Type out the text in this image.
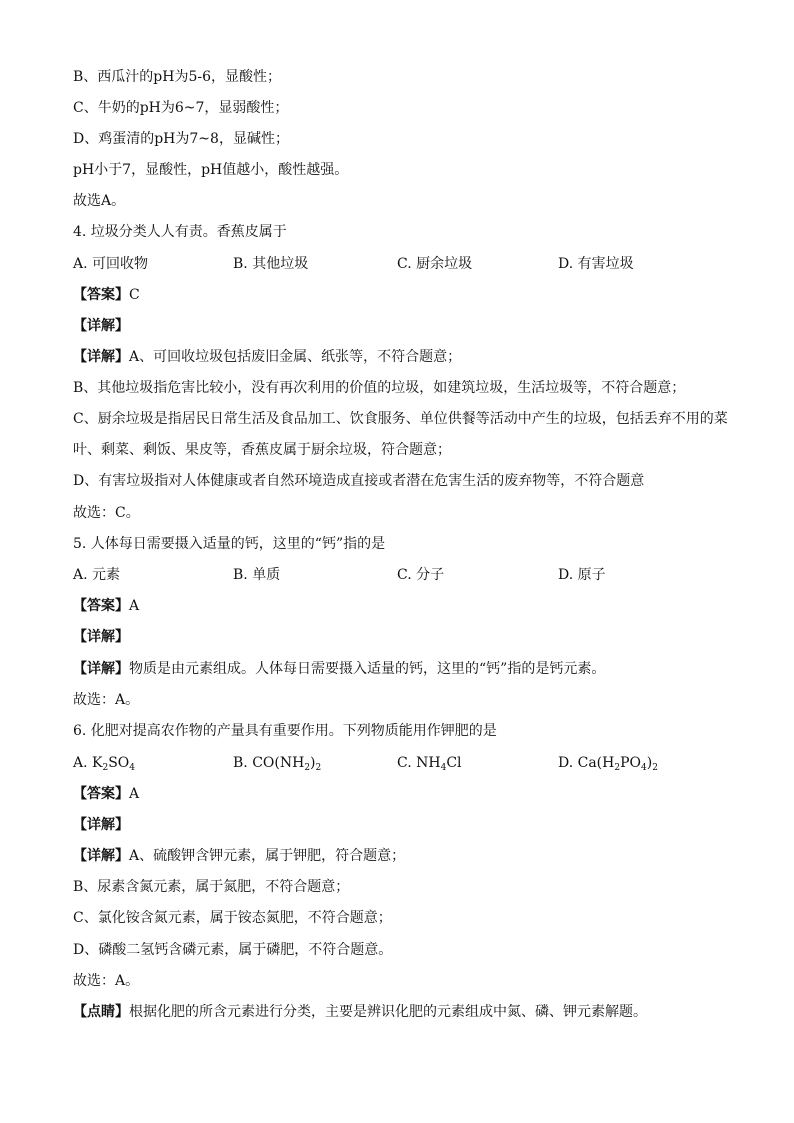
B、西瓜汁的pH为5-6，显酸性；
C、牛奶的pH为6~7，显弱酸性；
D、鸡蛋清的pH为7~8，显碱性；
pH小于7，显酸性，pH值越小，酸性越强。
故选A。
4. 垃圾分类人人有责。香蕉皮属于
A. 可回收物	B. 其他垃圾	C. 厨余垃圾	D. 有害垃圾
【答案】C
【详解】
【详解】A、可回收垃圾包括废旧金属、纸张等，不符合题意；
B、其他垃圾指危害比较小，没有再次利用的价值的垃圾，如建筑垃圾，生活垃圾等，不符合题意；
C、厨余垃圾是指居民日常生活及食品加工、饮食服务、单位供餐等活动中产生的垃圾，包括丢弃不用的菜
叶、剩菜、剩饭、果皮等，香蕉皮属于厨余垃圾，符合题意；
D、有害垃圾指对人体健康或者自然环境造成直接或者潜在危害生活的废弃物等，不符合题意
故选：C。
5. 人体每日需要摄入适量的钙，这里的“钙”指的是
A. 元素	B. 单质	C. 分子	D. 原子
【答案】A
【详解】
【详解】物质是由元素组成。人体每日需要摄入适量的钙，这里的“钙”指的是钙元素。
故选：A。
6. 化肥对提高农作物的产量具有重要作用。下列物质能用作钾肥的是
A. $K_2SO_4$	B. $CO(NH_2)_2$	C. $NH_4Cl$	D. $Ca(H_2PO_4)_2$
【答案】A
【详解】
【详解】A、硫酸钾含钾元素，属于钾肥，符合题意；
B、尿素含氮元素，属于氮肥，不符合题意；
C、氯化铵含氮元素，属于铵态氮肥，不符合题意；
D、磷酸二氢钙含磷元素，属于磷肥，不符合题意。
故选：A。
【点睛】根据化肥的所含元素进行分类，主要是辨识化肥的元素组成中氮、磷、钾元素解题。
